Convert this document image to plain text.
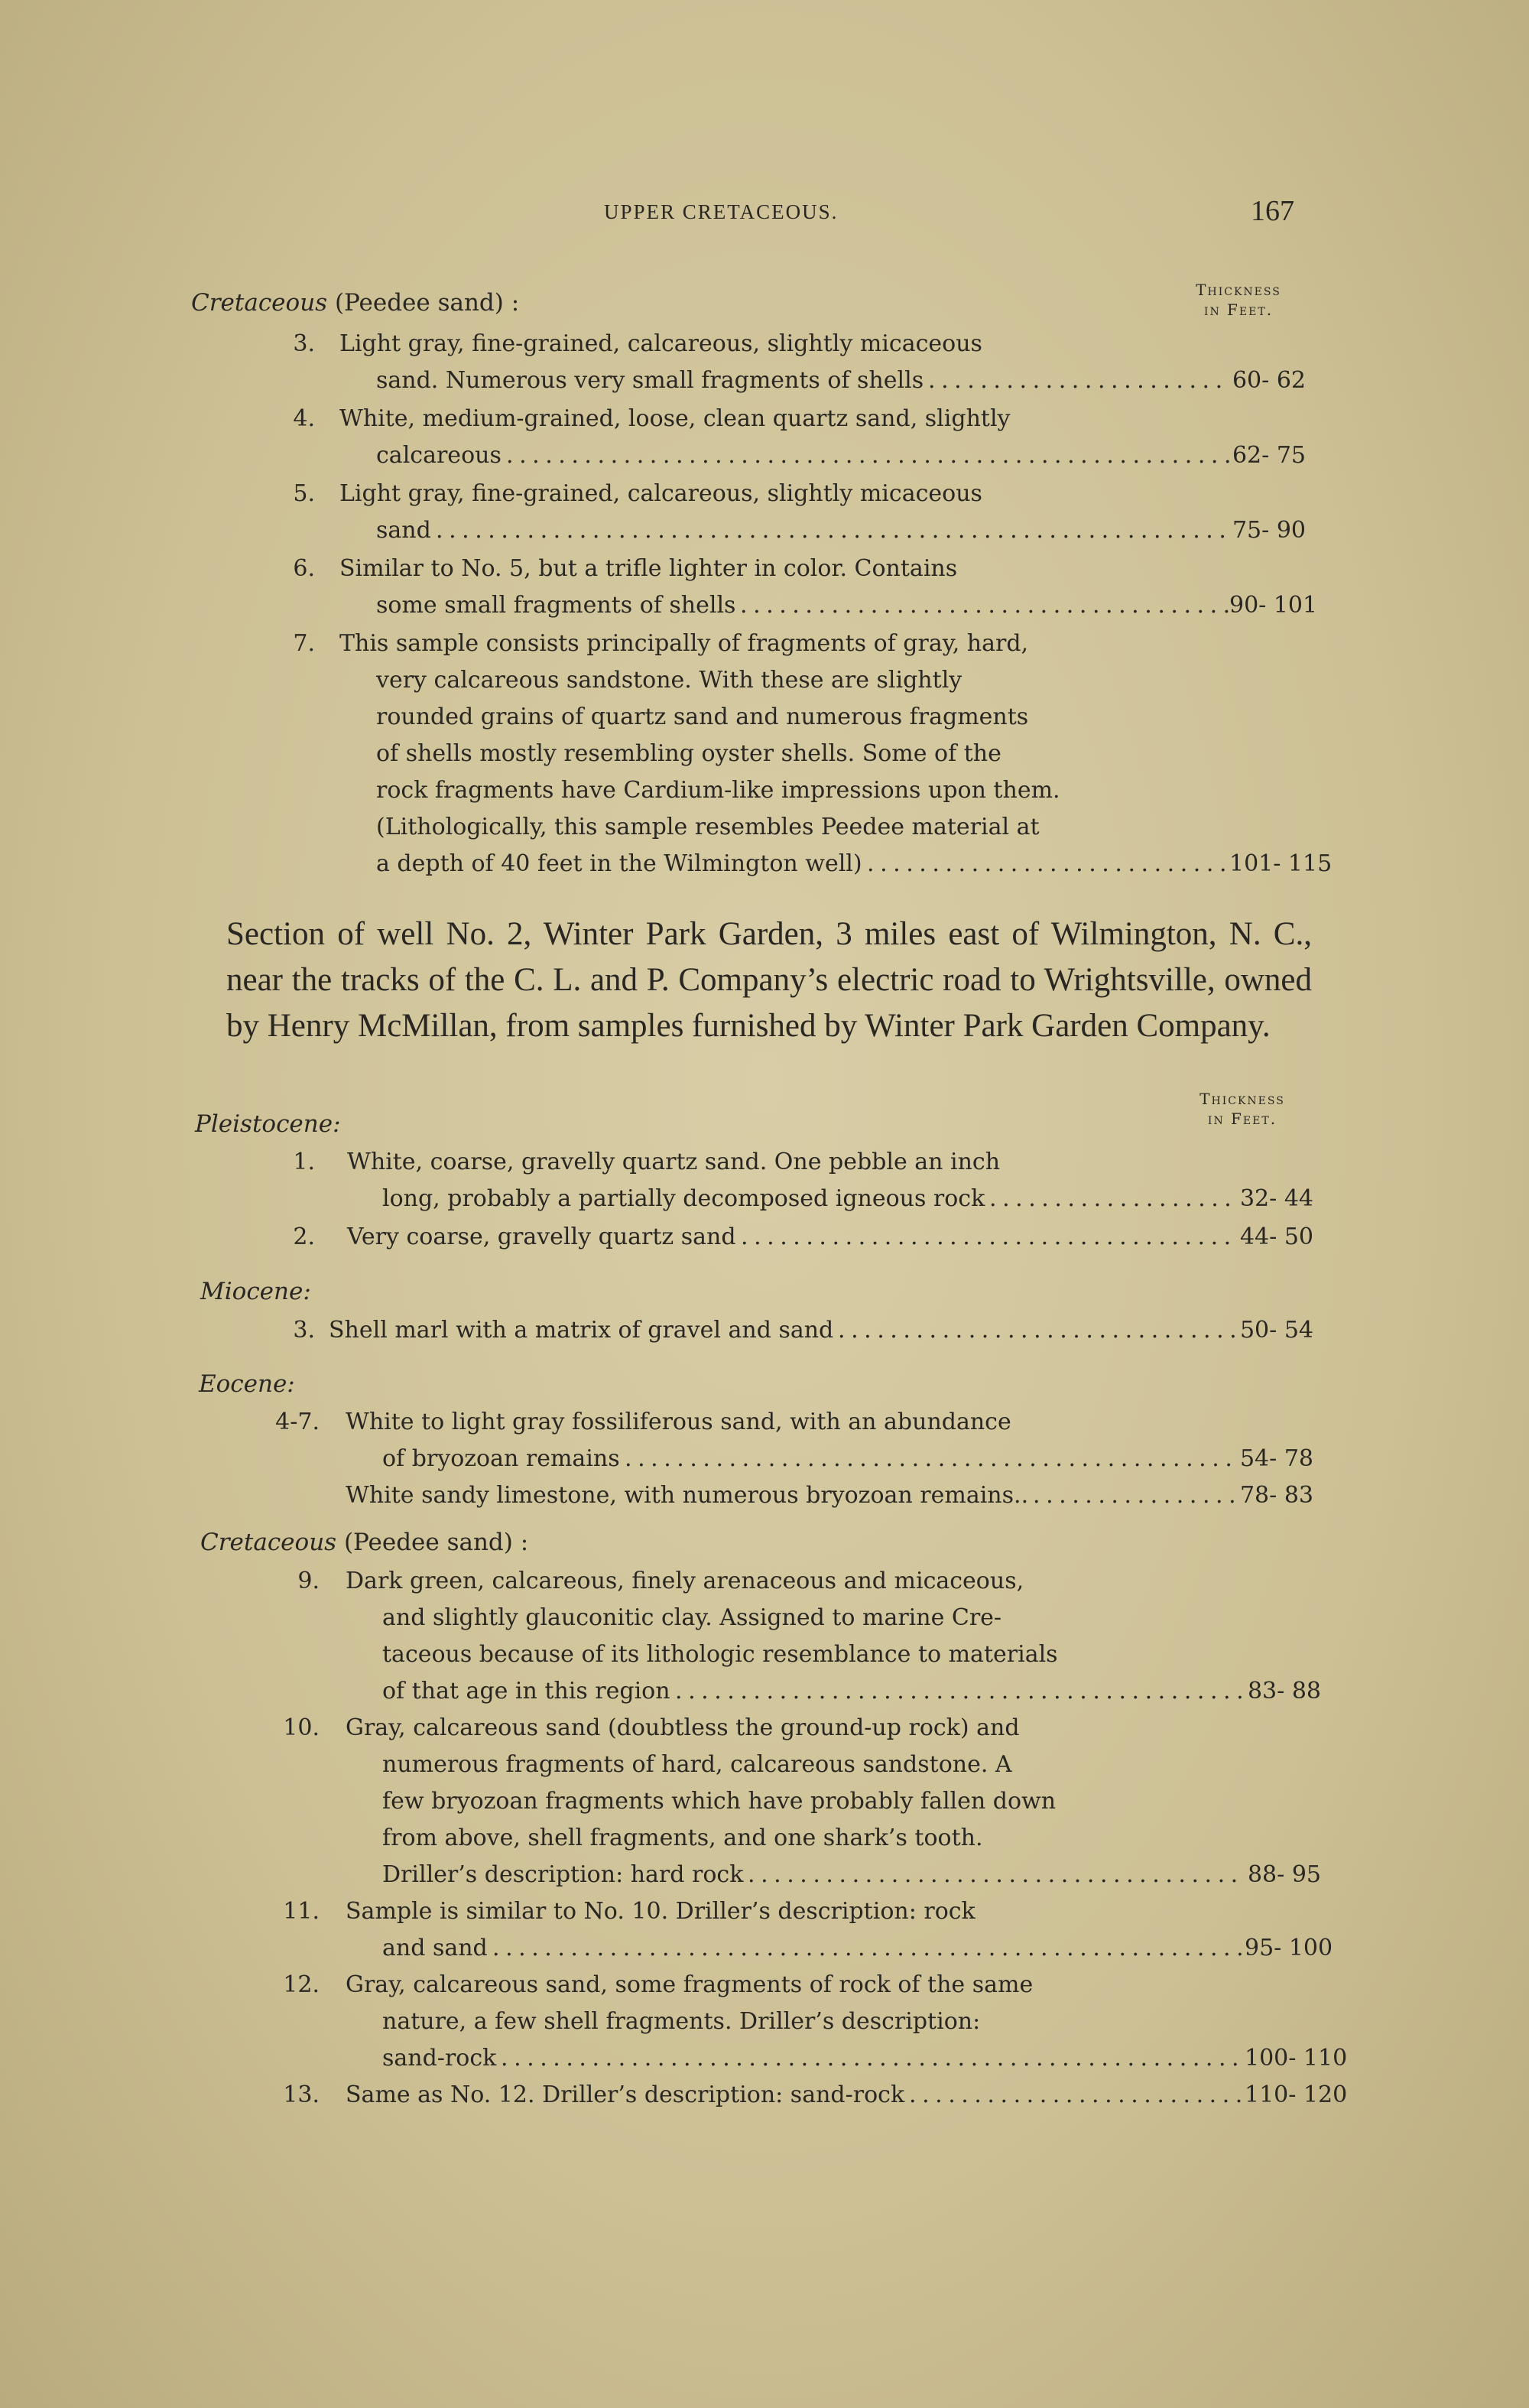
UPPER CRETACEOUS.	167
Thickness
in Feet.
Cretaceous (Peedee sand) :
3. Light gray, fine-grained, calcareous, slightly micaceous
sand. Numerous very small fragments of shells	60- 62
. . .
4. White, medium-grained, loose, clean quartz sand, slightly
calcareous	62- 75
. . .
5. Light gray, fine-grained, calcareous, slightly micaceous
sand	75- 90
. . .
6. Similar to No. 5, but a trifle lighter in color. Contains
some small fragments of shells	90- 101
. . .
7. This sample consists principally of fragments of gray, hard,
very calcareous sandstone. With these are slightly
rounded grains of quartz sand and numerous fragments
of shells mostly resembling oyster shells. Some of the
rock fragments have Cardium-like impressions upon them.
(Lithologically, this sample resembles Peedee material at
a depth of 40 feet in the Wilmington well)	101- 115
. . .
Section of well No. 2, Winter Park Garden, 3 miles east of Wilmington, N. C., near the tracks of the C. L. and P. Company’s electric road to Wrightsville, owned by Henry McMillan, from samples furnished by Winter Park Garden Company.
Thickness
in Feet.
Pleistocene:
Miocene:
Eocene:
Cretaceous (Peedee sand) :
1. White, coarse, gravelly quartz sand. One pebble an inch
long, probably a partially decomposed igneous rock	32- 44
. . .
2. Very coarse, gravelly quartz sand	44- 50
. . .
3. Shell marl with a matrix of gravel and sand	50- 54
. . .
4-7. White to light gray fossiliferous sand, with an abundance
of bryozoan remains	54- 78
. . .
White sandy limestone, with numerous bryozoan remains..	78- 83
. . .
9. Dark green, calcareous, finely arenaceous and micaceous,
and slightly glauconitic clay. Assigned to marine Cre-
taceous because of its lithologic resemblance to materials
of that age in this region	83- 88
. . .
10. Gray, calcareous sand (doubtless the ground-up rock) and
numerous fragments of hard, calcareous sandstone. A
few bryozoan fragments which have probably fallen down
from above, shell fragments, and one shark’s tooth.
Driller’s description: hard rock	88- 95
. . .
11. Sample is similar to No. 10. Driller’s description: rock
and sand	95- 100
. . .
12. Gray, calcareous sand, some fragments of rock of the same
nature, a few shell fragments. Driller’s description:
sand-rock	100- 110
. . .
13. Same as No. 12. Driller’s description: sand-rock	110- 120
. . .
